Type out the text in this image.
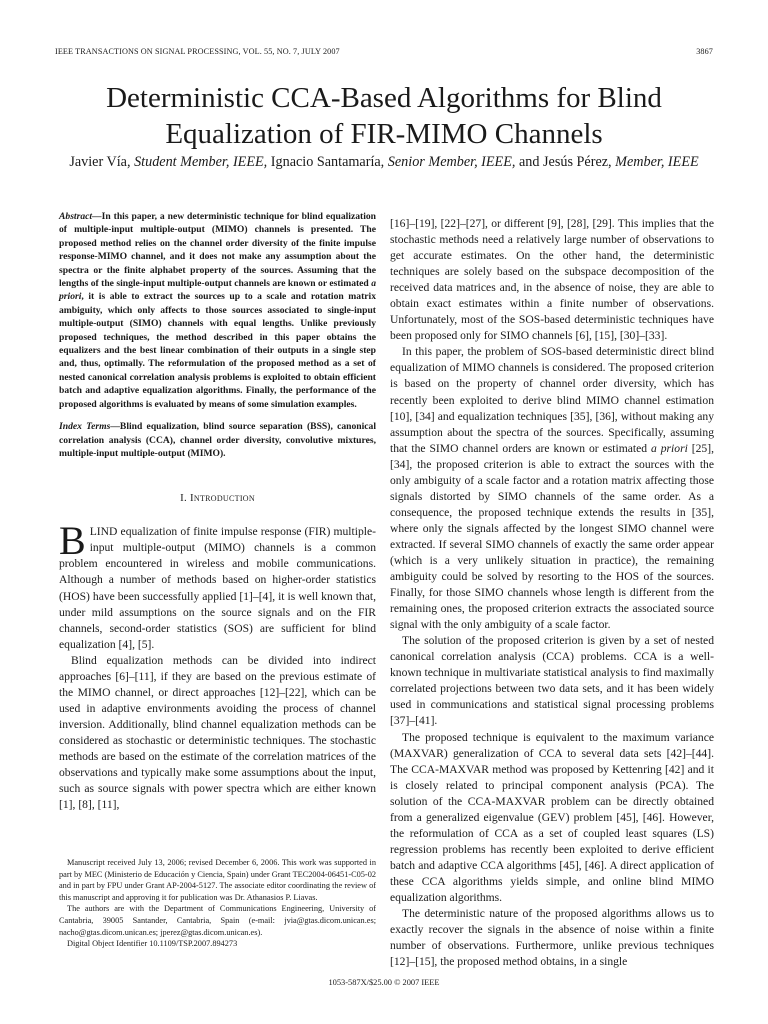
IEEE TRANSACTIONS ON SIGNAL PROCESSING, VOL. 55, NO. 7, JULY 2007	3867
Deterministic CCA-Based Algorithms for Blind
Equalization of FIR-MIMO Channels
Javier Vía, Student Member, IEEE, Ignacio Santamaría, Senior Member, IEEE, and Jesús Pérez, Member, IEEE
Abstract—In this paper, a new deterministic technique for blind equalization of multiple-input multiple-output (MIMO) channels is presented. The proposed method relies on the channel order diversity of the finite impulse response-MIMO channel, and it does not make any assumption about the spectra or the finite alphabet property of the sources. Assuming that the lengths of the single-input multiple-output channels are known or estimated a priori, it is able to extract the sources up to a scale and rotation matrix ambiguity, which only affects to those sources associated to single-input multiple-output (SIMO) channels with equal lengths. Unlike previously proposed techniques, the method described in this paper obtains the equalizers and the best linear combination of their outputs in a single step and, thus, optimally. The reformulation of the proposed method as a set of nested canonical correlation analysis problems is exploited to obtain efficient batch and adaptive equalization algorithms. Finally, the performance of the proposed algorithms is evaluated by means of some simulation examples.
Index Terms—Blind equalization, blind source separation (BSS), canonical correlation analysis (CCA), channel order diversity, convolutive mixtures, multiple-input multiple-output (MIMO).
I. Introduction

BLIND equalization of finite impulse response (FIR) multiple-input multiple-output (MIMO) channels is a common problem encountered in wireless and mobile communications. Although a number of methods based on higher-order statistics (HOS) have been successfully applied [1]–[4], it is well known that, under mild assumptions on the source signals and on the FIR channels, second-order statistics (SOS) are sufficient for blind equalization [4], [5].

Blind equalization methods can be divided into indirect approaches [6]–[11], if they are based on the previous estimate of the MIMO channel, or direct approaches [12]–[22], which can be used in adaptive environments avoiding the process of channel inversion. Additionally, blind channel equalization methods can be considered as stochastic or deterministic techniques. The stochastic methods are based on the estimate of the correlation matrices of the observations and typically make some assumptions about the input, such as source signals with power spectra which are either known [1], [8], [11],

Manuscript received July 13, 2006; revised December 6, 2006. This work was supported in part by MEC (Ministerio de Educación y Ciencia, Spain) under Grant TEC2004-06451-C05-02 and in part by FPU under Grant AP-2004-5127. The associate editor coordinating the review of this manuscript and approving it for publication was Dr. Athanasios P. Liavas.

The authors are with the Department of Communications Engineering, University of Cantabria, 39005 Santander, Cantabria, Spain (e-mail: jvia@gtas.dicom.unican.es; nacho@gtas.dicom.unican.es; jperez@gtas.dicom.unican.es).

Digital Object Identifier 10.1109/TSP.2007.894273

[16]–[19], [22]–[27], or different [9], [28], [29]. This implies that the stochastic methods need a relatively large number of observations to get accurate estimates. On the other hand, the deterministic techniques are solely based on the subspace decomposition of the received data matrices and, in the absence of noise, they are able to obtain exact estimates within a finite number of observations. Unfortunately, most of the SOS-based deterministic techniques have been proposed only for SIMO channels [6], [15], [30]–[33].

In this paper, the problem of SOS-based deterministic direct blind equalization of MIMO channels is considered. The proposed criterion is based on the property of channel order diversity, which has recently been exploited to derive blind MIMO channel estimation [10], [34] and equalization techniques [35], [36], without making any assumption about the spectra of the sources. Specifically, assuming that the SIMO channel orders are known or estimated a priori [25], [34], the proposed criterion is able to extract the sources with the only ambiguity of a scale factor and a rotation matrix affecting those signals distorted by SIMO channels of the same order. As a consequence, the proposed technique extends the results in [35], where only the signals affected by the longest SIMO channel were extracted. If several SIMO channels of exactly the same order appear (which is a very unlikely situation in practice), the remaining ambiguity could be solved by resorting to the HOS of the sources. Finally, for those SIMO channels whose length is different from the remaining ones, the proposed criterion extracts the associated source signal with the only ambiguity of a scale factor.

The solution of the proposed criterion is given by a set of nested canonical correlation analysis (CCA) problems. CCA is a well-known technique in multivariate statistical analysis to find maximally correlated projections between two data sets, and it has been widely used in communications and statistical signal processing problems [37]–[41].

The proposed technique is equivalent to the maximum variance (MAXVAR) generalization of CCA to several data sets [42]–[44]. The CCA-MAXVAR method was proposed by Kettenring [42] and it is closely related to principal component analysis (PCA). The solution of the CCA-MAXVAR problem can be directly obtained from a generalized eigenvalue (GEV) problem [45], [46]. However, the reformulation of CCA as a set of coupled least squares (LS) regression problems has recently been exploited to derive efficient batch and adaptive CCA algorithms [45], [46]. A direct application of these CCA algorithms yields simple, and online blind MIMO equalization algorithms.

The deterministic nature of the proposed algorithms allows us to exactly recover the signals in the absence of noise within a finite number of observations. Furthermore, unlike previous techniques [12]–[15], the proposed method obtains, in a single

1053-587X/$25.00 © 2007 IEEE
